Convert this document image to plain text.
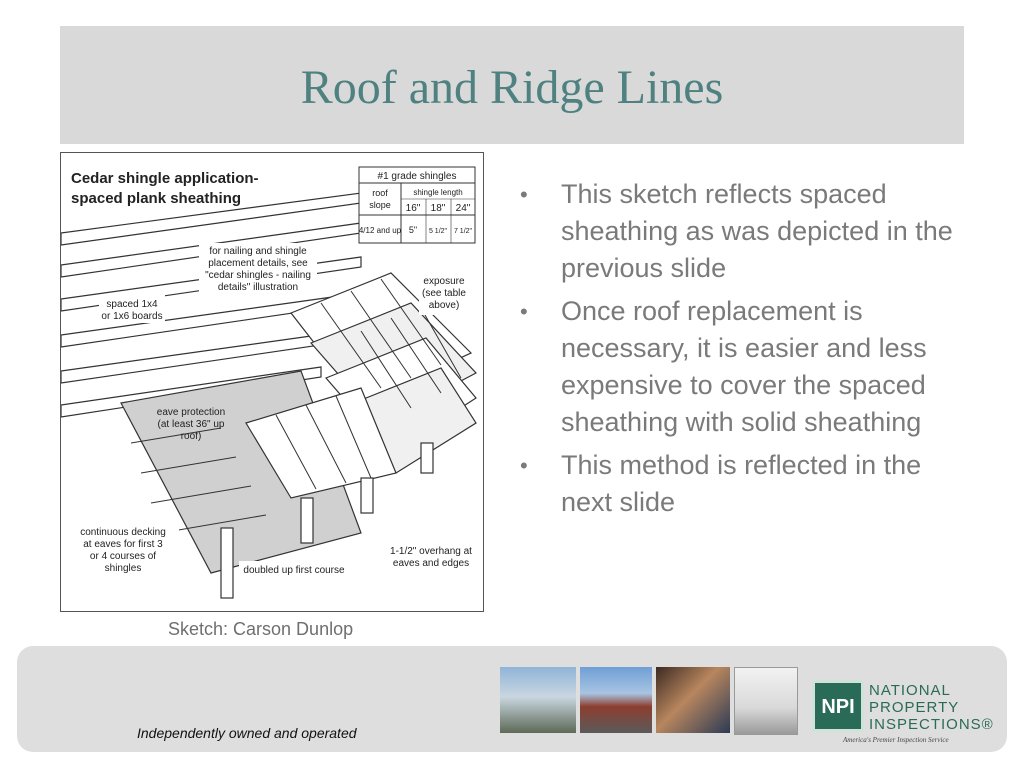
Roof and Ridge Lines
Cedar shingle application-
spaced plank sheathing
#1 grade shingles
roof
slope
shingle length
16" 18" 24"
4/12 and up 5" 5 1/2" 7 1/2"
for nailing and shingle
placement details, see
"cedar shingles - nailing
details" illustration
spaced 1x4
or 1x6 boards
exposure
(see table
above)
eave protection
(at least 36" up
roof)
continuous decking
at eaves for first 3
or 4 courses of
shingles	doubled up first course
1-1/2" overhang at
eaves and edges
Sketch: Carson Dunlop
• This sketch reflects spaced sheathing as was depicted in the previous slide
• Once roof replacement is necessary, it is easier and less expensive to cover the spaced sheathing with solid sheathing
• This method is reflected in the next slide
Independently owned and operated
NPI
NATIONAL
PROPERTY
INSPECTIONS®
America's Premier Inspection Service
